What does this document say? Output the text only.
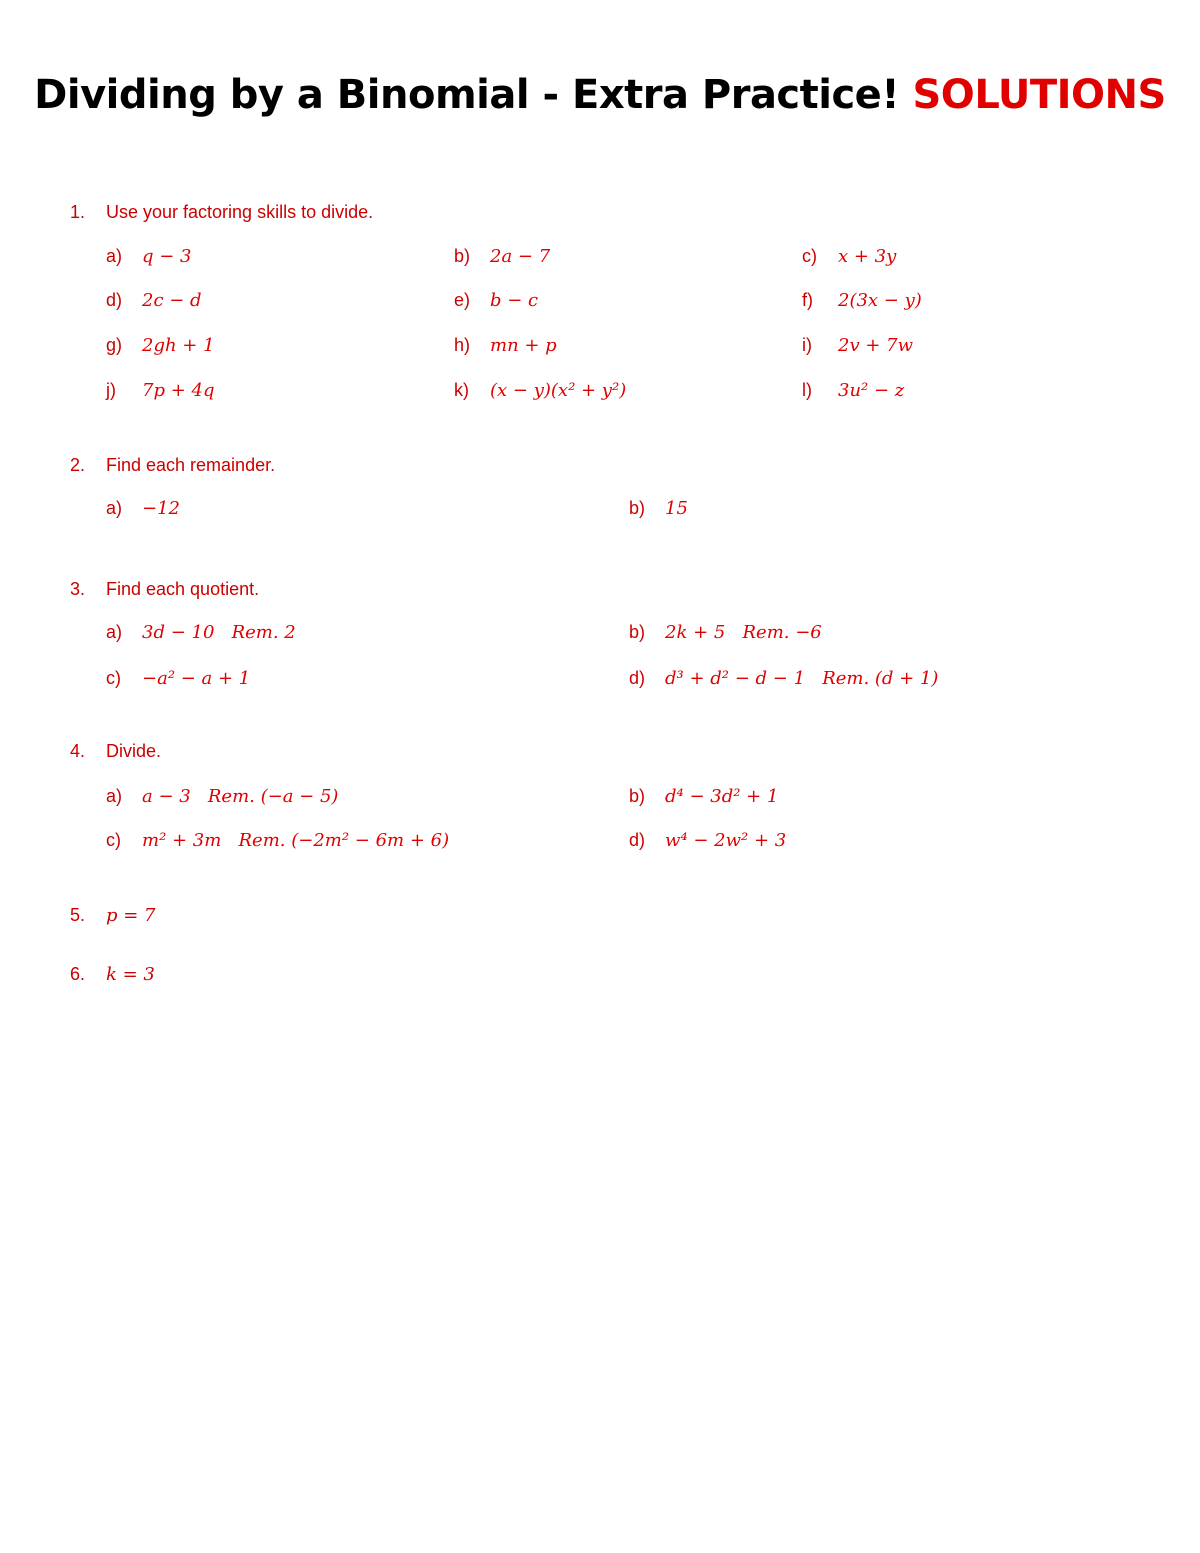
Dividing by a Binomial - Extra Practice! SOLUTIONS
1.	Use your factoring skills to divide.
a) q − 3	b) 2a − 7	c) x + 3y
d) 2c − d	e) b − c	f) 2(3x − y)
g) 2gh + 1	h) mn + p	i) 2v + 7w
j) 7p + 4q	k) (x − y)(x² + y²)	l) 3u² − z
2.	Find each remainder.
a) −12	b) 15
3.	Find each quotient.
a) 3d − 10   Rem. 2	b) 2k + 5   Rem. −6
c) −a² − a + 1	d) d³ + d² − d − 1   Rem. (d + 1)
4.	Divide.
a) a − 3   Rem. (−a − 5)	b) d⁴ − 3d² + 1
c) m² + 3m   Rem. (−2m² − 6m + 6)	d) w⁴ − 2w² + 3
5.	p = 7
6.	k = 3
